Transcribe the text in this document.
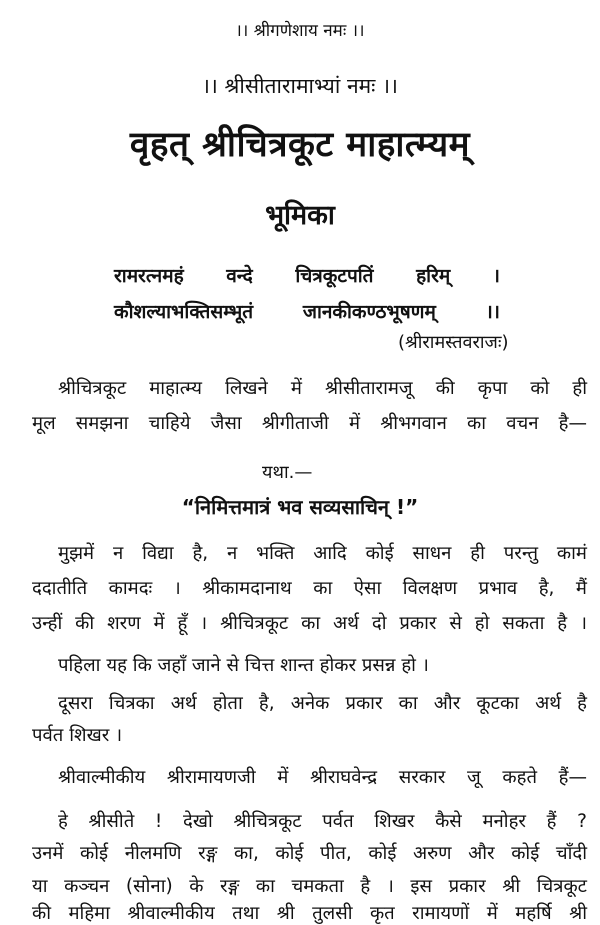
।। श्रीगणेशाय नमः ।।
।। श्रीसीतारामाभ्यां नमः ।।
वृहत् श्रीचित्रकूट माहात्म्यम्
भूमिका
रामरत्नमहं वन्दे चित्रकूटपतिं हरिम् ।
कौशल्याभक्तिसम्भूतं जानकीकण्ठभूषणम् ।।
(श्रीरामस्तवराजः)
श्रीचित्रकूट माहात्म्य लिखने में श्रीसीतारामजू की कृपा को ही
मूल समझना चाहिये जैसा श्रीगीताजी में श्रीभगवान का वचन है—
यथा.—
“निमित्तमात्रं भव सव्यसाचिन् !”
मुझमें न विद्या है, न भक्ति आदि कोई साधन ही परन्तु कामं
ददातीति कामदः । श्रीकामदानाथ का ऐसा विलक्षण प्रभाव है, मैं
उन्हीं की शरण में हूँ । श्रीचित्रकूट का अर्थ दो प्रकार से हो सकता है ।
पहिला यह कि जहाँ जाने से चित्त शान्त होकर प्रसन्न हो ।
दूसरा चित्रका अर्थ होता है, अनेक प्रकार का और कूटका अर्थ है
पर्वत शिखर ।
श्रीवाल्मीकीय श्रीरामायणजी में श्रीराघवेन्द्र सरकार जू कहते हैं—
हे श्रीसीते ! देखो श्रीचित्रकूट पर्वत शिखर कैसे मनोहर हैं ?
उनमें कोई नीलमणि रङ्ग का, कोई पीत, कोई अरुण और कोई चाँदी
या कञ्चन (सोना) के रङ्ग का चमकता है । इस प्रकार श्री चित्रकूट
की महिमा श्रीवाल्मीकीय तथा श्री तुलसी कृत रामायणों में महर्षि श्री
